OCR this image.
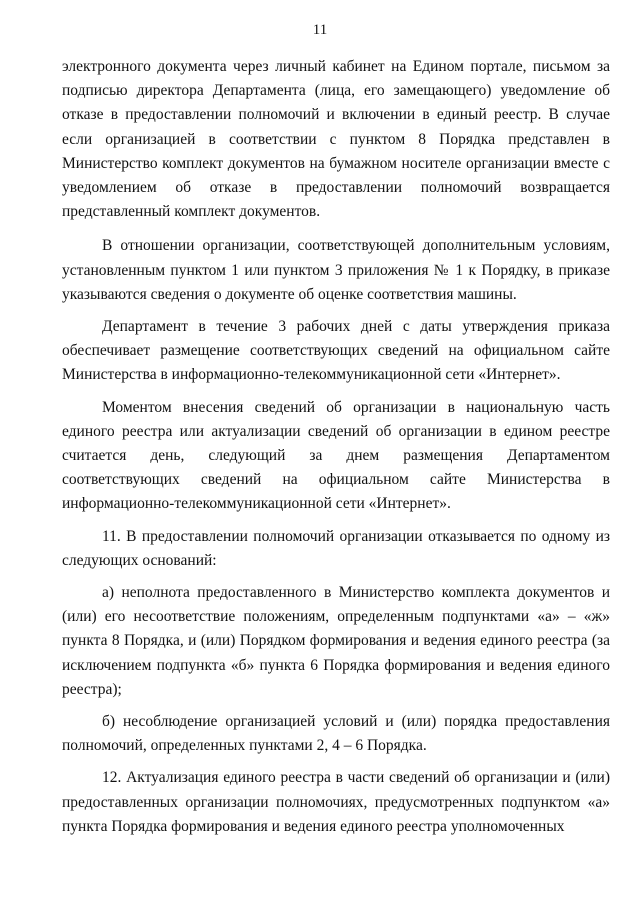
11

электронного документа через личный кабинет на Едином портале, письмом за подписью директора Департамента (лица, его замещающего) уведомление об отказе в предоставлении полномочий и включении в единый реестр. В случае если организацией в соответствии с пунктом 8 Порядка представлен в Министерство комплект документов на бумажном носителе организации вместе с уведомлением об отказе в предоставлении полномочий возвращается представленный комплект документов.

В отношении организации, соответствующей дополнительным условиям, установленным пунктом 1 или пунктом 3 приложения № 1 к Порядку, в приказе указываются сведения о документе об оценке соответствия машины.

Департамент в течение 3 рабочих дней с даты утверждения приказа обеспечивает размещение соответствующих сведений на официальном сайте Министерства в информационно-телекоммуникационной сети «Интернет».

Моментом внесения сведений об организации в национальную часть единого реестра или актуализации сведений об организации в едином реестре считается день, следующий за днем размещения Департаментом соответствующих сведений на официальном сайте Министерства в информационно-телекоммуникационной сети «Интернет».

11. В предоставлении полномочий организации отказывается по одному из следующих оснований:

а) неполнота предоставленного в Министерство комплекта документов и (или) его несоответствие положениям, определенным подпунктами «а» – «ж» пункта 8 Порядка, и (или) Порядком формирования и ведения единого реестра (за исключением подпункта «б» пункта 6 Порядка формирования и ведения единого реестра);

б) несоблюдение организацией условий и (или) порядка предоставления полномочий, определенных пунктами 2, 4 – 6 Порядка.

12. Актуализация единого реестра в части сведений об организации и (или) предоставленных организации полномочиях, предусмотренных подпунктом «а» пункта Порядка формирования и ведения единого реестра уполномоченных
